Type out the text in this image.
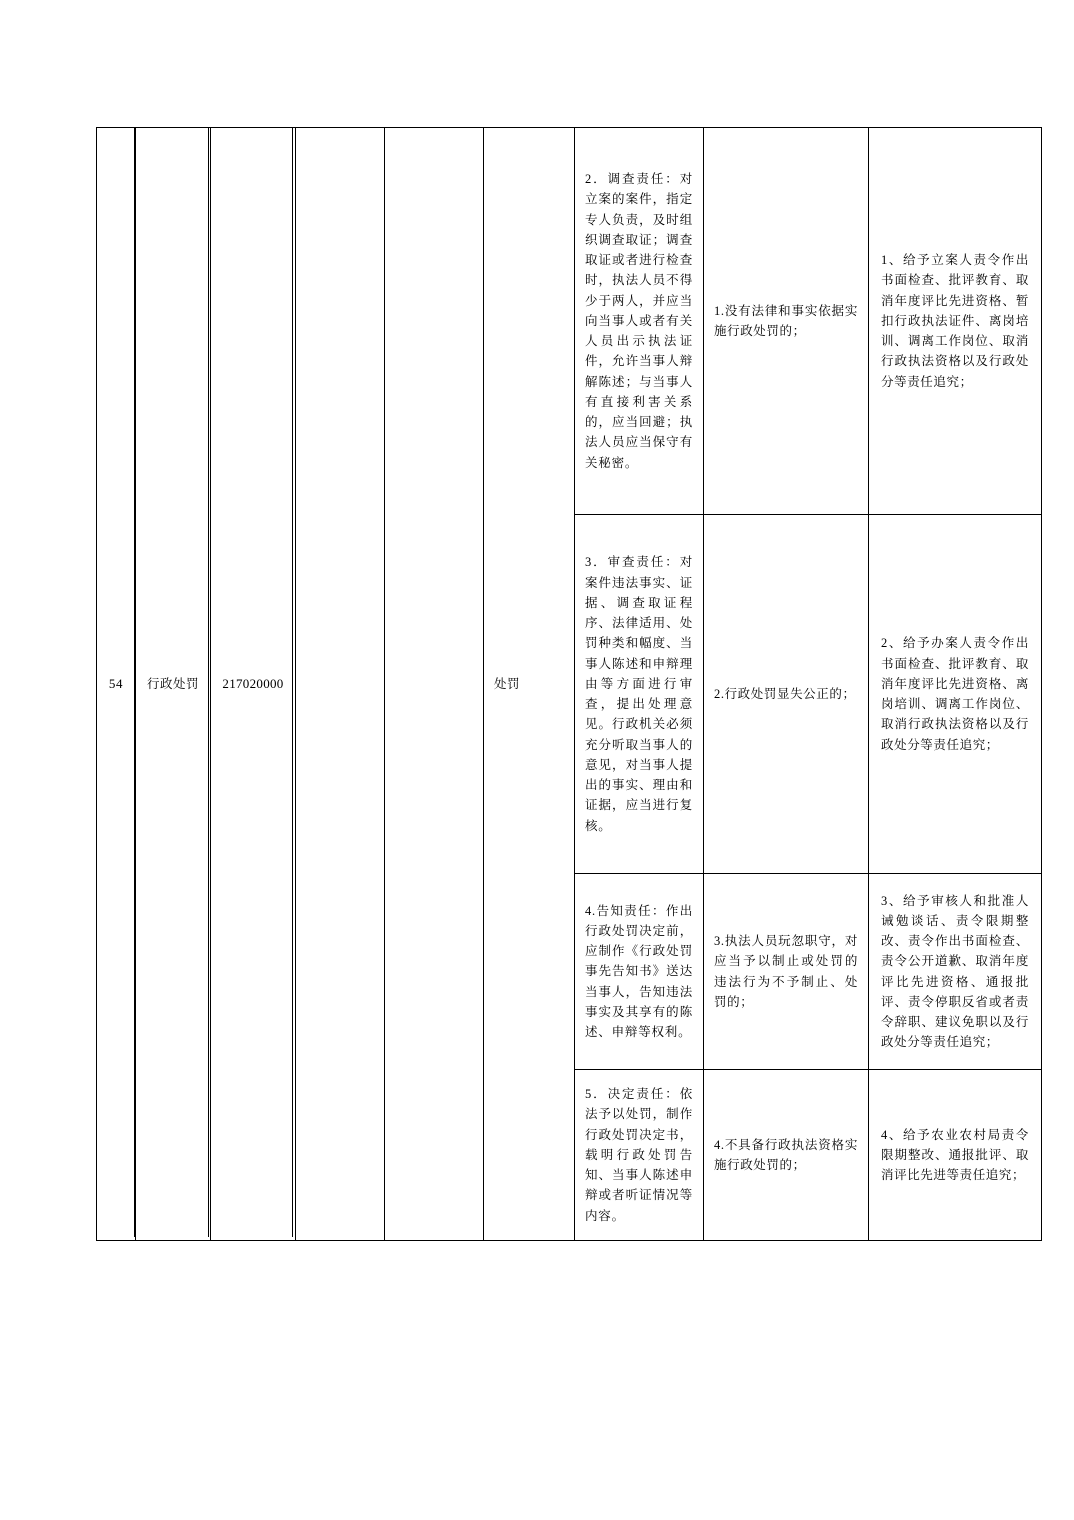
54	行政处罚	217020000			处罚	2．调查责任：对立案的案件，指定专人负责，及时组织调查取证；调查取证或者进行检查时，执法人员不得少于两人，并应当向当事人或者有关人员出示执法证件，允许当事人辩解陈述；与当事人有直接利害关系的，应当回避；执法人员应当保守有关秘密。	1.没有法律和事实依据实施行政处罚的；	1、给予立案人责令作出书面检查、批评教育、取消年度评比先进资格、暂扣行政执法证件、离岗培训、调离工作岗位、取消行政执法资格以及行政处分等责任追究；

						3．审查责任：对案件违法事实、证据、调查取证程序、法律适用、处罚种类和幅度、当事人陈述和申辩理由等方面进行审查，提出处理意见。行政机关必须充分听取当事人的意见，对当事人提出的事实、理由和证据，应当进行复核。	2.行政处罚显失公正的；	2、给予办案人责令作出书面检查、批评教育、取消年度评比先进资格、离岗培训、调离工作岗位、取消行政执法资格以及行政处分等责任追究；

						4.告知责任：作出行政处罚决定前，应制作《行政处罚事先告知书》送达当事人，告知违法事实及其享有的陈述、申辩等权利。	3.执法人员玩忽职守，对应当予以制止或处罚的违法行为不予制止、处罚的；	3、给予审核人和批准人诫勉谈话、责令限期整改、责令作出书面检查、责令公开道歉、取消年度评比先进资格、通报批评、责令停职反省或者责令辞职、建议免职以及行政处分等责任追究；

						5．决定责任：依法予以处罚，制作行政处罚决定书，载明行政处罚告知、当事人陈述申辩或者听证情况等内容。	4.不具备行政执法资格实施行政处罚的；	4、给予农业农村局责令限期整改、通报批评、取消评比先进等责任追究；
